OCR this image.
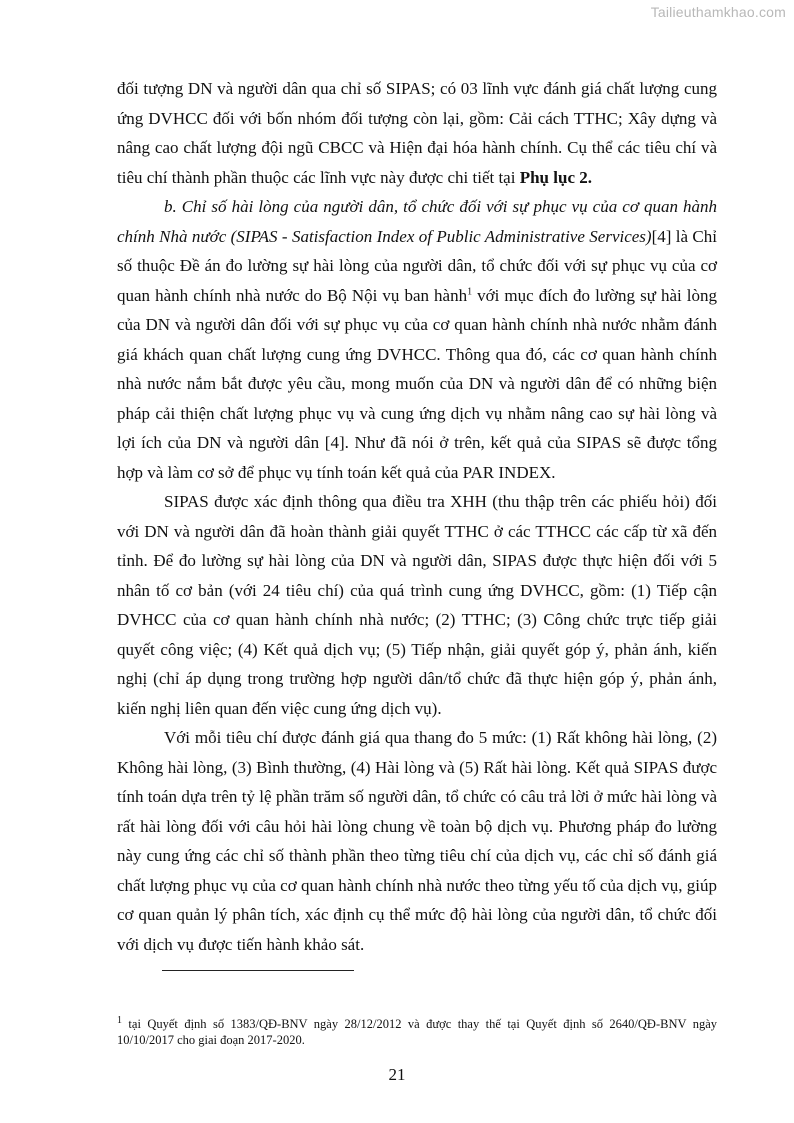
Tailieuthamkhao.com

đối tượng DN và người dân qua chỉ số SIPAS; có 03 lĩnh vực đánh giá chất lượng cung ứng DVHCC đối với bốn nhóm đối tượng còn lại, gồm: Cải cách TTHC; Xây dựng và nâng cao chất lượng đội ngũ CBCC và Hiện đại hóa hành chính. Cụ thể các tiêu chí và tiêu chí thành phần thuộc các lĩnh vực này được chi tiết tại Phụ lục 2.

b. Chỉ số hài lòng của người dân, tổ chức đối với sự phục vụ của cơ quan hành chính Nhà nước (SIPAS - Satisfaction Index of Public Administrative Services)[4] là Chỉ số thuộc Đề án đo lường sự hài lòng của người dân, tổ chức đối với sự phục vụ của cơ quan hành chính nhà nước do Bộ Nội vụ ban hành$^1$ với mục đích đo lường sự hài lòng của DN và người dân đối với sự phục vụ của cơ quan hành chính nhà nước nhằm đánh giá khách quan chất lượng cung ứng DVHCC. Thông qua đó, các cơ quan hành chính nhà nước nắm bắt được yêu cầu, mong muốn của DN và người dân để có những biện pháp cải thiện chất lượng phục vụ và cung ứng dịch vụ nhằm nâng cao sự hài lòng và lợi ích của DN và người dân [4]. Như đã nói ở trên, kết quả của SIPAS sẽ được tổng hợp và làm cơ sở để phục vụ tính toán kết quả của PAR INDEX.

SIPAS được xác định thông qua điều tra XHH (thu thập trên các phiếu hỏi) đối với DN và người dân đã hoàn thành giải quyết TTHC ở các TTHCC các cấp từ xã đến tỉnh. Để đo lường sự hài lòng của DN và người dân, SIPAS được thực hiện đối với 5 nhân tố cơ bản (với 24 tiêu chí) của quá trình cung ứng DVHCC, gồm: (1) Tiếp cận DVHCC của cơ quan hành chính nhà nước; (2) TTHC; (3) Công chức trực tiếp giải quyết công việc; (4) Kết quả dịch vụ; (5) Tiếp nhận, giải quyết góp ý, phản ánh, kiến nghị (chỉ áp dụng trong trường hợp người dân/tổ chức đã thực hiện góp ý, phản ánh, kiến nghị liên quan đến việc cung ứng dịch vụ).

Với mỗi tiêu chí được đánh giá qua thang đo 5 mức: (1) Rất không hài lòng, (2) Không hài lòng, (3) Bình thường, (4) Hài lòng và (5) Rất hài lòng. Kết quả SIPAS được tính toán dựa trên tỷ lệ phần trăm số người dân, tổ chức có câu trả lời ở mức hài lòng và rất hài lòng đối với câu hỏi hài lòng chung về toàn bộ dịch vụ. Phương pháp đo lường này cung ứng các chỉ số thành phần theo từng tiêu chí của dịch vụ, các chỉ số đánh giá chất lượng phục vụ của cơ quan hành chính nhà nước theo từng yếu tố của dịch vụ, giúp cơ quan quản lý phân tích, xác định cụ thể mức độ hài lòng của người dân, tổ chức đối với dịch vụ được tiến hành khảo sát.

$^1$ tại Quyết định số 1383/QĐ-BNV ngày 28/12/2012 và được thay thế tại Quyết định số 2640/QĐ-BNV ngày 10/10/2017 cho giai đoạn 2017-2020.
21
